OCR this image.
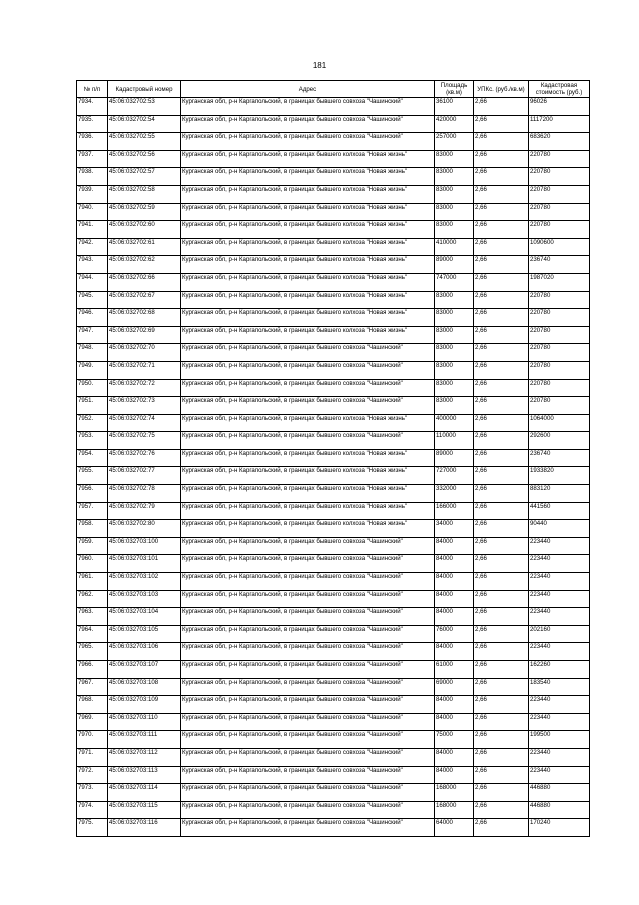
181
№ п/п	Кадастровый номер	Адрес	Площадь (кв.м)	УПКс. (руб./кв.м)	Кадастровая стоимость (руб.)
7934.	45:06:032702:53	Курганская обл, р-н Каргапольский, в границах бывшего совхоза "Чашинский"	36100	2,66	96026
7935.	45:06:032702:54	Курганская обл, р-н Каргапольский, в границах бывшего совхоза "Чашинский"	420000	2,66	1117200
7936.	45:06:032702:55	Курганская обл, р-н Каргапольский, в границах бывшего совхоза "Чашинский"	257000	2,66	683620
7937.	45:06:032702:56	Курганская обл, р-н Каргапольский, в границах бывшего колхоза "Новая жизнь"	83000	2,66	220780
7938.	45:06:032702:57	Курганская обл, р-н Каргапольский, в границах бывшего колхоза "Новая жизнь"	83000	2,66	220780
7939.	45:06:032702:58	Курганская обл, р-н Каргапольский, в границах бывшего колхоза "Новая жизнь"	83000	2,66	220780
7940.	45:06:032702:59	Курганская обл, р-н Каргапольский, в границах бывшего колхоза "Новая жизнь"	83000	2,66	220780
7941.	45:06:032702:60	Курганская обл, р-н Каргапольский, в границах бывшего колхоза "Новая жизнь"	83000	2,66	220780
7942.	45:06:032702:61	Курганская обл, р-н Каргапольский, в границах бывшего колхоза "Новая жизнь"	410000	2,66	1090600
7943.	45:06:032702:62	Курганская обл, р-н Каргапольский, в границах бывшего колхоза "Новая жизнь"	89000	2,66	236740
7944.	45:06:032702:66	Курганская обл, р-н Каргапольский, в границах бывшего колхоза "Новая жизнь"	747000	2,66	1987020
7945.	45:06:032702:67	Курганская обл, р-н Каргапольский, в границах бывшего колхоза "Новая жизнь"	83000	2,66	220780
7946.	45:06:032702:68	Курганская обл, р-н Каргапольский, в границах бывшего колхоза "Новая жизнь"	83000	2,66	220780
7947.	45:06:032702:69	Курганская обл, р-н Каргапольский, в границах бывшего колхоза "Новая жизнь"	83000	2,66	220780
7948.	45:06:032702:70	Курганская обл, р-н Каргапольский, в границах бывшего совхоза "Чашинский"	83000	2,66	220780
7949.	45:06:032702:71	Курганская обл, р-н Каргапольский, в границах бывшего совхоза "Чашинский"	83000	2,66	220780
7950.	45:06:032702:72	Курганская обл, р-н Каргапольский, в границах бывшего совхоза "Чашинский"	83000	2,66	220780
7951.	45:06:032702:73	Курганская обл, р-н Каргапольский, в границах бывшего совхоза "Чашинский"	83000	2,66	220780
7952.	45:06:032702:74	Курганская обл, р-н Каргапольский, в границах бывшего колхоза "Новая жизнь"	400000	2,66	1064000
7953.	45:06:032702:75	Курганская обл, р-н Каргапольский, в границах бывшего совхоза "Чашинский"	110000	2,66	292600
7954.	45:06:032702:76	Курганская обл, р-н Каргапольский, в границах бывшего колхоза "Новая жизнь"	89000	2,66	236740
7955.	45:06:032702:77	Курганская обл, р-н Каргапольский, в границах бывшего колхоза "Новая жизнь"	727000	2,66	1933820
7956.	45:06:032702:78	Курганская обл, р-н Каргапольский, в границах бывшего колхоза "Новая жизнь"	332000	2,66	883120
7957.	45:06:032702:79	Курганская обл, р-н Каргапольский, в границах бывшего колхоза "Новая жизнь"	166000	2,66	441560
7958.	45:06:032702:80	Курганская обл, р-н Каргапольский, в границах бывшего колхоза "Новая жизнь"	34000	2,66	90440
7959.	45:06:032703:100	Курганская обл, р-н Каргапольский, в границах бывшего совхоза "Чашинский"	84000	2,66	223440
7960.	45:06:032703:101	Курганская обл, р-н Каргапольский, в границах бывшего совхоза "Чашинский"	84000	2,66	223440
7961.	45:06:032703:102	Курганская обл, р-н Каргапольский, в границах бывшего совхоза "Чашинский"	84000	2,66	223440
7962.	45:06:032703:103	Курганская обл, р-н Каргапольский, в границах бывшего совхоза "Чашинский"	84000	2,66	223440
7963.	45:06:032703:104	Курганская обл, р-н Каргапольский, в границах бывшего совхоза "Чашинский"	84000	2,66	223440
7964.	45:06:032703:105	Курганская обл, р-н Каргапольский, в границах бывшего совхоза "Чашинский"	76000	2,66	202160
7965.	45:06:032703:106	Курганская обл, р-н Каргапольский, в границах бывшего совхоза "Чашинский"	84000	2,66	223440
7966.	45:06:032703:107	Курганская обл, р-н Каргапольский, в границах бывшего совхоза "Чашинский"	61000	2,66	162260
7967.	45:06:032703:108	Курганская обл, р-н Каргапольский, в границах бывшего совхоза "Чашинский"	69000	2,66	183540
7968.	45:06:032703:109	Курганская обл, р-н Каргапольский, в границах бывшего совхоза "Чашинский"	84000	2,66	223440
7969.	45:06:032703:110	Курганская обл, р-н Каргапольский, в границах бывшего совхоза "Чашинский"	84000	2,66	223440
7970.	45:06:032703:111	Курганская обл, р-н Каргапольский, в границах бывшего совхоза "Чашинский"	75000	2,66	199500
7971.	45:06:032703:112	Курганская обл, р-н Каргапольский, в границах бывшего совхоза "Чашинский"	84000	2,66	223440
7972.	45:06:032703:113	Курганская обл, р-н Каргапольский, в границах бывшего совхоза "Чашинский"	84000	2,66	223440
7973.	45:06:032703:114	Курганская обл, р-н Каргапольский, в границах бывшего совхоза "Чашинский"	168000	2,66	446880
7974.	45:06:032703:115	Курганская обл, р-н Каргапольский, в границах бывшего совхоза "Чашинский"	168000	2,66	446880
7975.	45:06:032703:116	Курганская обл, р-н Каргапольский, в границах бывшего совхоза "Чашинский"	64000	2,66	170240
